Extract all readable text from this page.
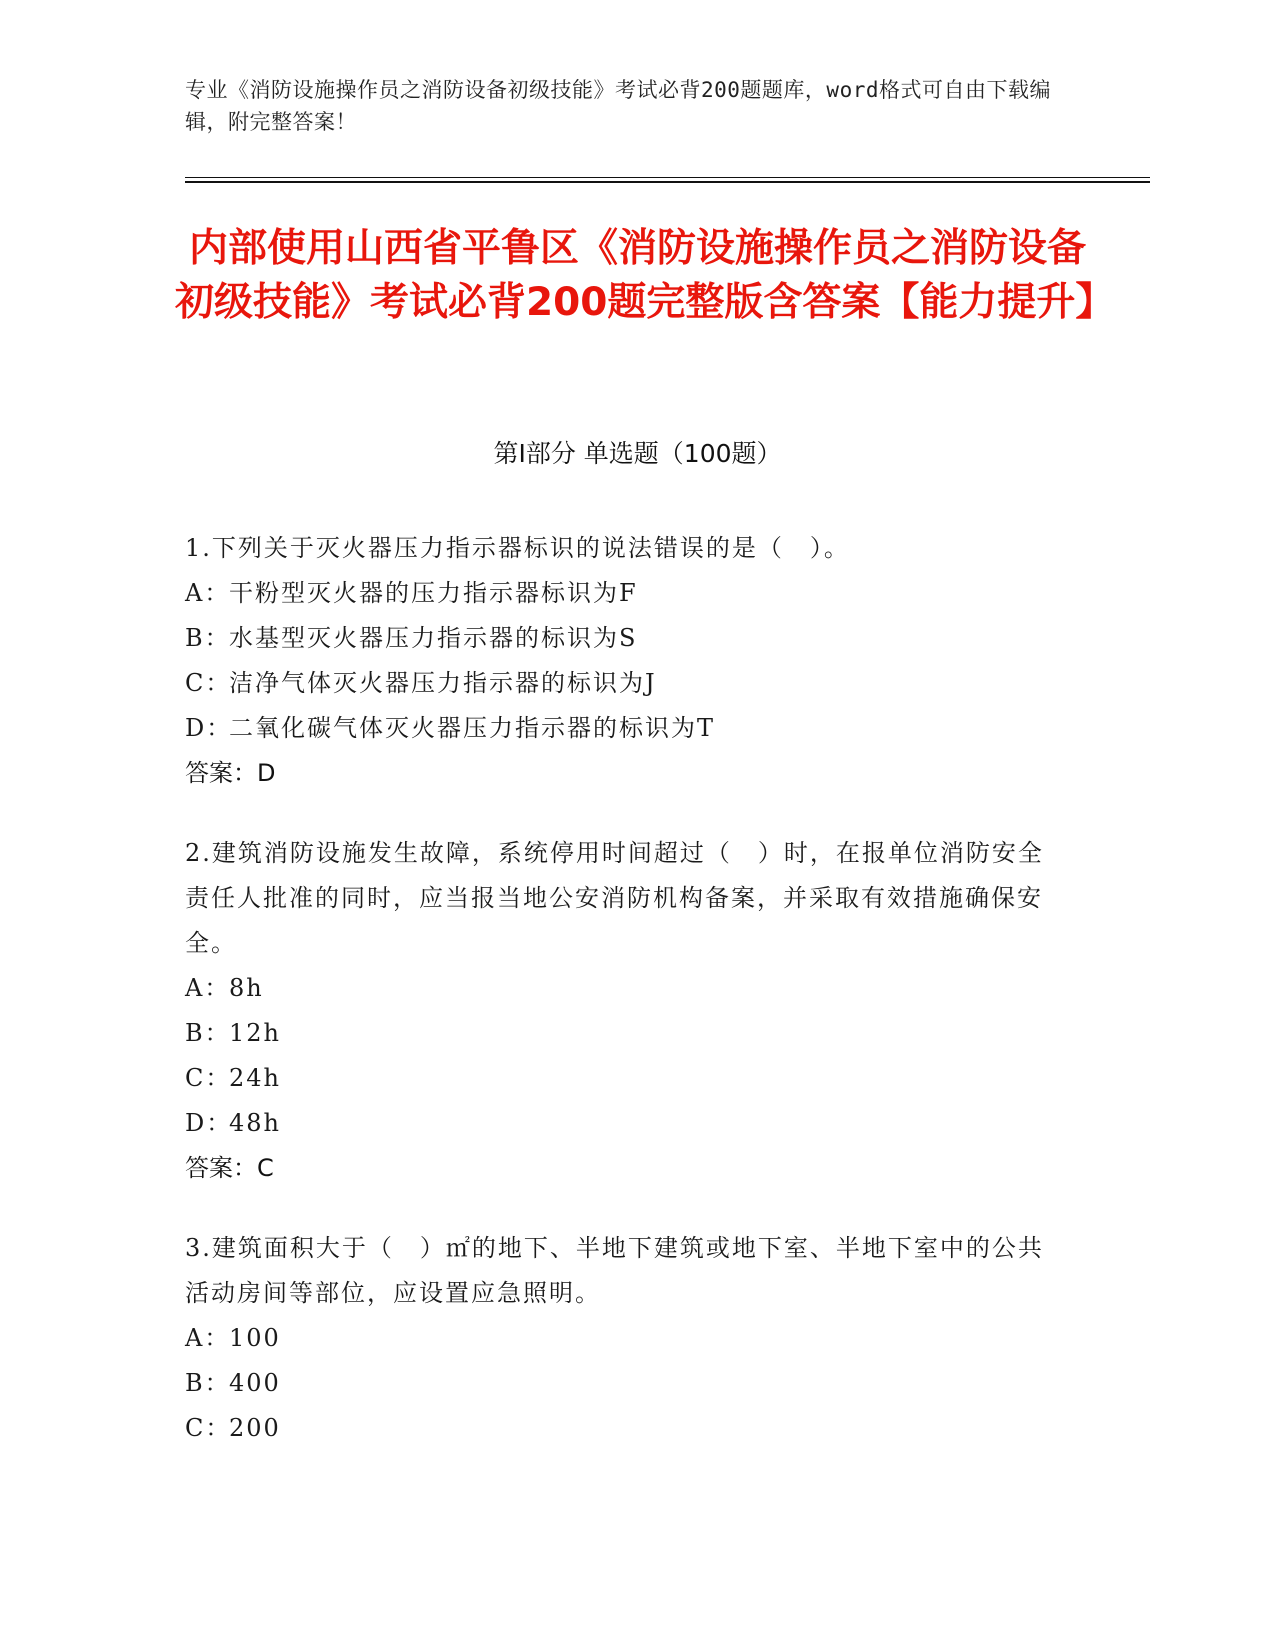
专业《消防设施操作员之消防设备初级技能》考试必背200题题库，word格式可自由下载编辑，附完整答案！
内部使用山西省平鲁区《消防设施操作员之消防设备初级技能》考试必背200题完整版含答案【能力提升】
第Ⅰ部分 单选题（100题）
1.下列关于灭火器压力指示器标识的说法错误的是（　）。
A：干粉型灭火器的压力指示器标识为F
B：水基型灭火器压力指示器的标识为S
C：洁净气体灭火器压力指示器的标识为J
D：二氧化碳气体灭火器压力指示器的标识为T
答案：D
2.建筑消防设施发生故障，系统停用时间超过（　）时，在报单位消防安全责任人批准的同时，应当报当地公安消防机构备案，并采取有效措施确保安全。
A：8h
B：12h
C：24h
D：48h
答案：C
3.建筑面积大于（　）㎡的地下、半地下建筑或地下室、半地下室中的公共活动房间等部位，应设置应急照明。
A：100
B：400
C：200
